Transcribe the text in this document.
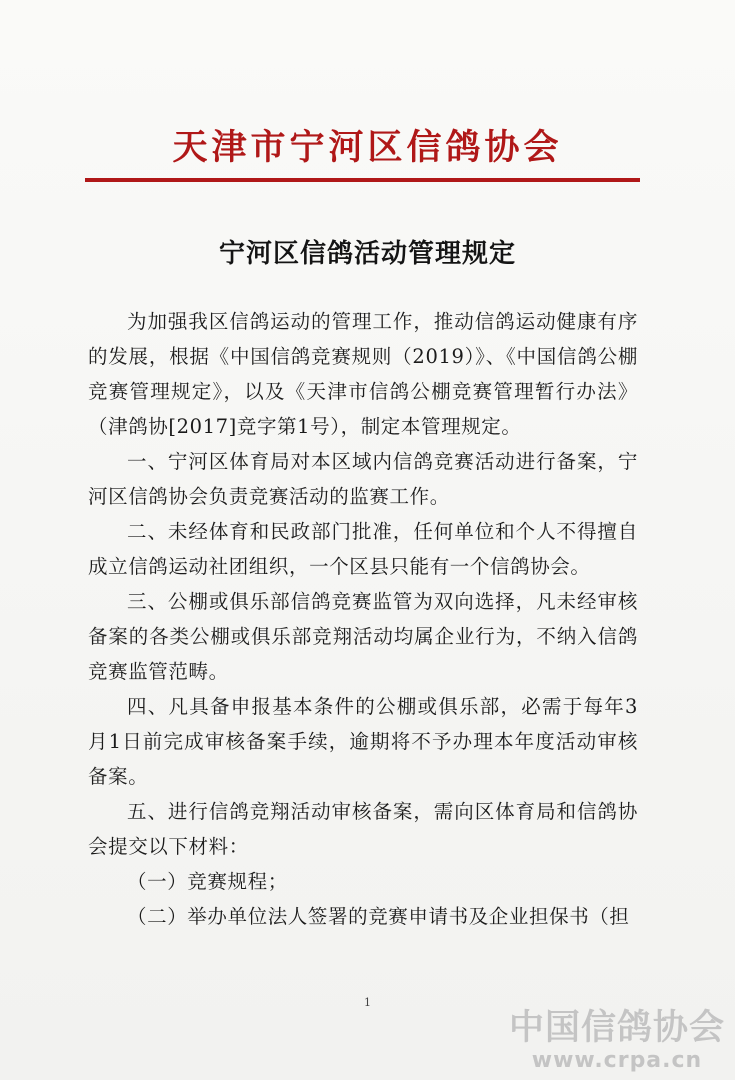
天津市宁河区信鸽协会
宁河区信鸽活动管理规定

为加强我区信鸽运动的管理工作，推动信鸽运动健康有序的发展，根据《中国信鸽竞赛规则（2019）》、《中国信鸽公棚竞赛管理规定》，以及《天津市信鸽公棚竞赛管理暂行办法》（津鸽协[2017]竞字第1号），制定本管理规定。

一、宁河区体育局对本区域内信鸽竞赛活动进行备案，宁河区信鸽协会负责竞赛活动的监赛工作。

二、未经体育和民政部门批准，任何单位和个人不得擅自成立信鸽运动社团组织，一个区县只能有一个信鸽协会。

三、公棚或俱乐部信鸽竞赛监管为双向选择，凡未经审核备案的各类公棚或俱乐部竞翔活动均属企业行为，不纳入信鸽竞赛监管范畴。

四、凡具备申报基本条件的公棚或俱乐部，必需于每年3月1日前完成审核备案手续，逾期将不予办理本年度活动审核备案。

五、进行信鸽竞翔活动审核备案，需向区体育局和信鸽协会提交以下材料：

（一）竞赛规程；

（二）举办单位法人签署的竞赛申请书及企业担保书（担

1
中国信鸽协会
www.crpa.cn
